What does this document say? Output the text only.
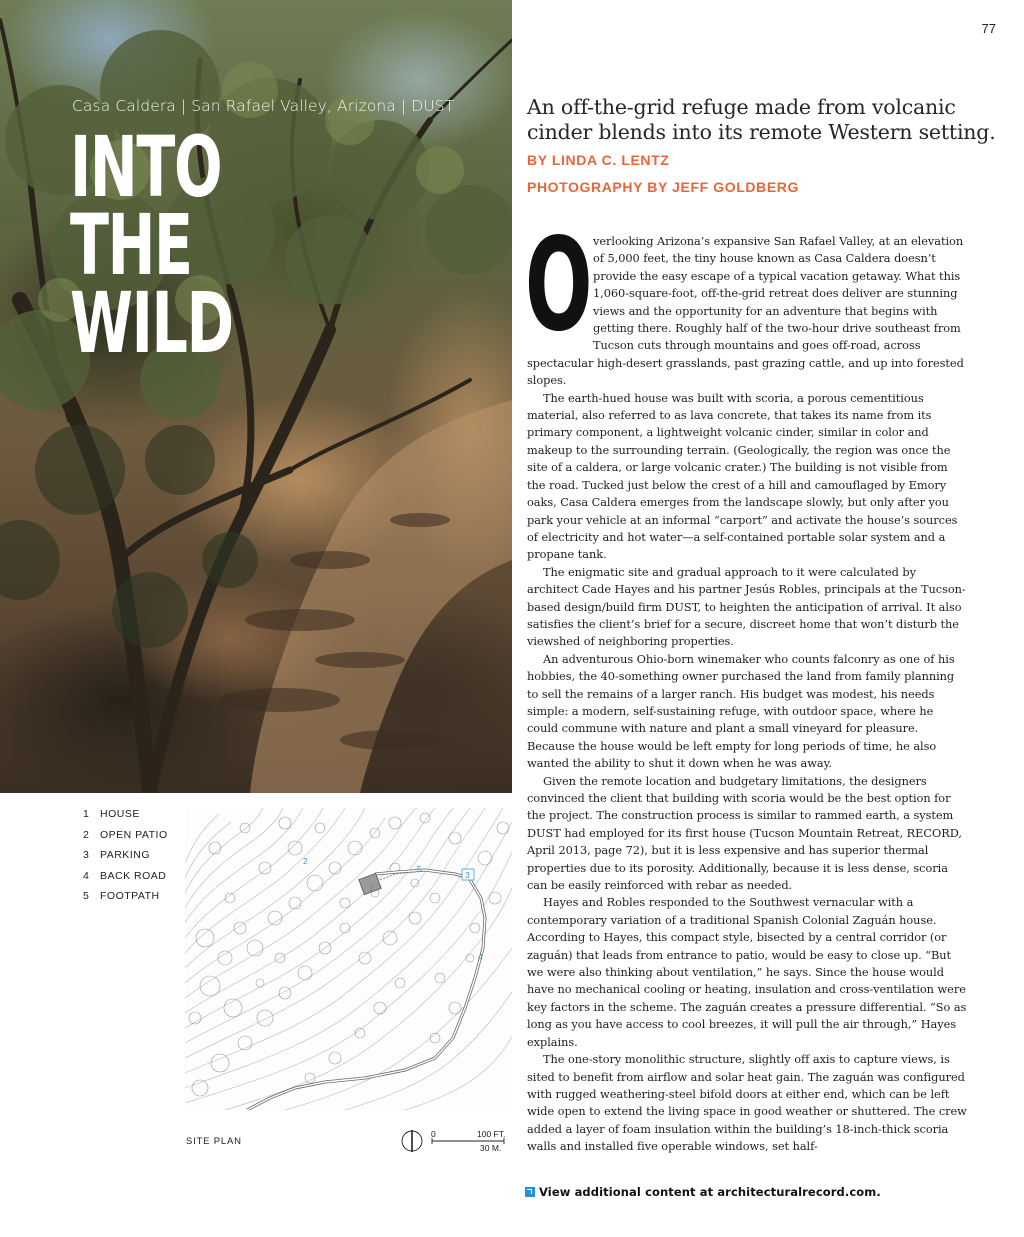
Casa Caldera | San Rafael Valley, Arizona | DUST
INTO THE
WILD
77
An off-the-grid refuge made from volcanic cinder blends into its remote Western setting.
BY LINDA C. LENTZ
PHOTOGRAPHY BY JEFF GOLDBERG

Overlooking Arizona’s expansive San Rafael Valley, at an elevation of 5,000 feet, the tiny house known as Casa Caldera doesn’t provide the easy escape of a typical vacation getaway. What this 1,060-square-foot, off-the-grid retreat does deliver are stunning views and the opportunity for an adventure that begins with getting there. Roughly half of the two-hour drive southeast from Tucson cuts through mountains and goes off-road, across spectacular high-desert grasslands, past grazing cattle, and up into forested slopes.

The earth-hued house was built with scoria, a porous cementitious material, also referred to as lava concrete, that takes its name from its primary component, a lightweight volcanic cinder, similar in color and makeup to the surrounding terrain. (Geologically, the region was once the site of a caldera, or large volcanic crater.) The building is not visible from the road. Tucked just below the crest of a hill and camouflaged by Emory oaks, Casa Caldera emerges from the landscape slowly, but only after you park your vehicle at an informal “carport” and activate the house’s sources of electricity and hot water—a self-contained portable solar system and a propane tank.

The enigmatic site and gradual approach to it were calculated by architect Cade Hayes and his partner Jesús Robles, principals at the Tucson-based design/build firm DUST, to heighten the anticipation of arrival. It also satisfies the client’s brief for a secure, discreet home that won’t disturb the viewshed of neighboring properties.

An adventurous Ohio-born winemaker who counts falconry as one of his hobbies, the 40-something owner purchased the land from family planning to sell the remains of a larger ranch. His budget was modest, his needs simple: a modern, self-sustaining refuge, with outdoor space, where he could commune with nature and plant a small vineyard for pleasure. Because the house would be left empty for long periods of time, he also wanted the ability to shut it down when he was away.

Given the remote location and budgetary limitations, the designers convinced the client that building with scoria would be the best option for the project. The construction process is similar to rammed earth, a system DUST had employed for its first house (Tucson Mountain Retreat, RECORD, April 2013, page 72), but it is less expensive and has superior thermal properties due to its porosity. Additionally, because it is less dense, scoria can be easily reinforced with rebar as needed.

Hayes and Robles responded to the Southwest vernacular with a contemporary variation of a traditional Spanish Colonial Zaguán house. According to Hayes, this compact style, bisected by a central corridor (or zaguán) that leads from entrance to patio, would be easy to close up. “But we were also thinking about ventilation,” he says. Since the house would have no mechanical cooling or heating, insulation and cross-ventilation were key factors in the scheme. The zaguán creates a pressure differential. “So as long as you have access to cool breezes, it will pull the air through,” Hayes explains.

The one-story monolithic structure, slightly off axis to capture views, is sited to benefit from airflow and solar heat gain. The zaguán was configured with rugged weathering-steel bifold doors at either end, which can be left wide open to extend the living space in good weather or shuttered. The crew added a layer of foam insulation within the building’s 18-inch-thick scoria walls and installed five operable windows, set half-

1	HOUSE
2	OPEN PATIO
3	PARKING
4	BACK ROAD
5	FOOTPATH
1
2
3
4
5
SITE PLAN
0	100 FT.
30 M.
View additional content at architecturalrecord.com.
